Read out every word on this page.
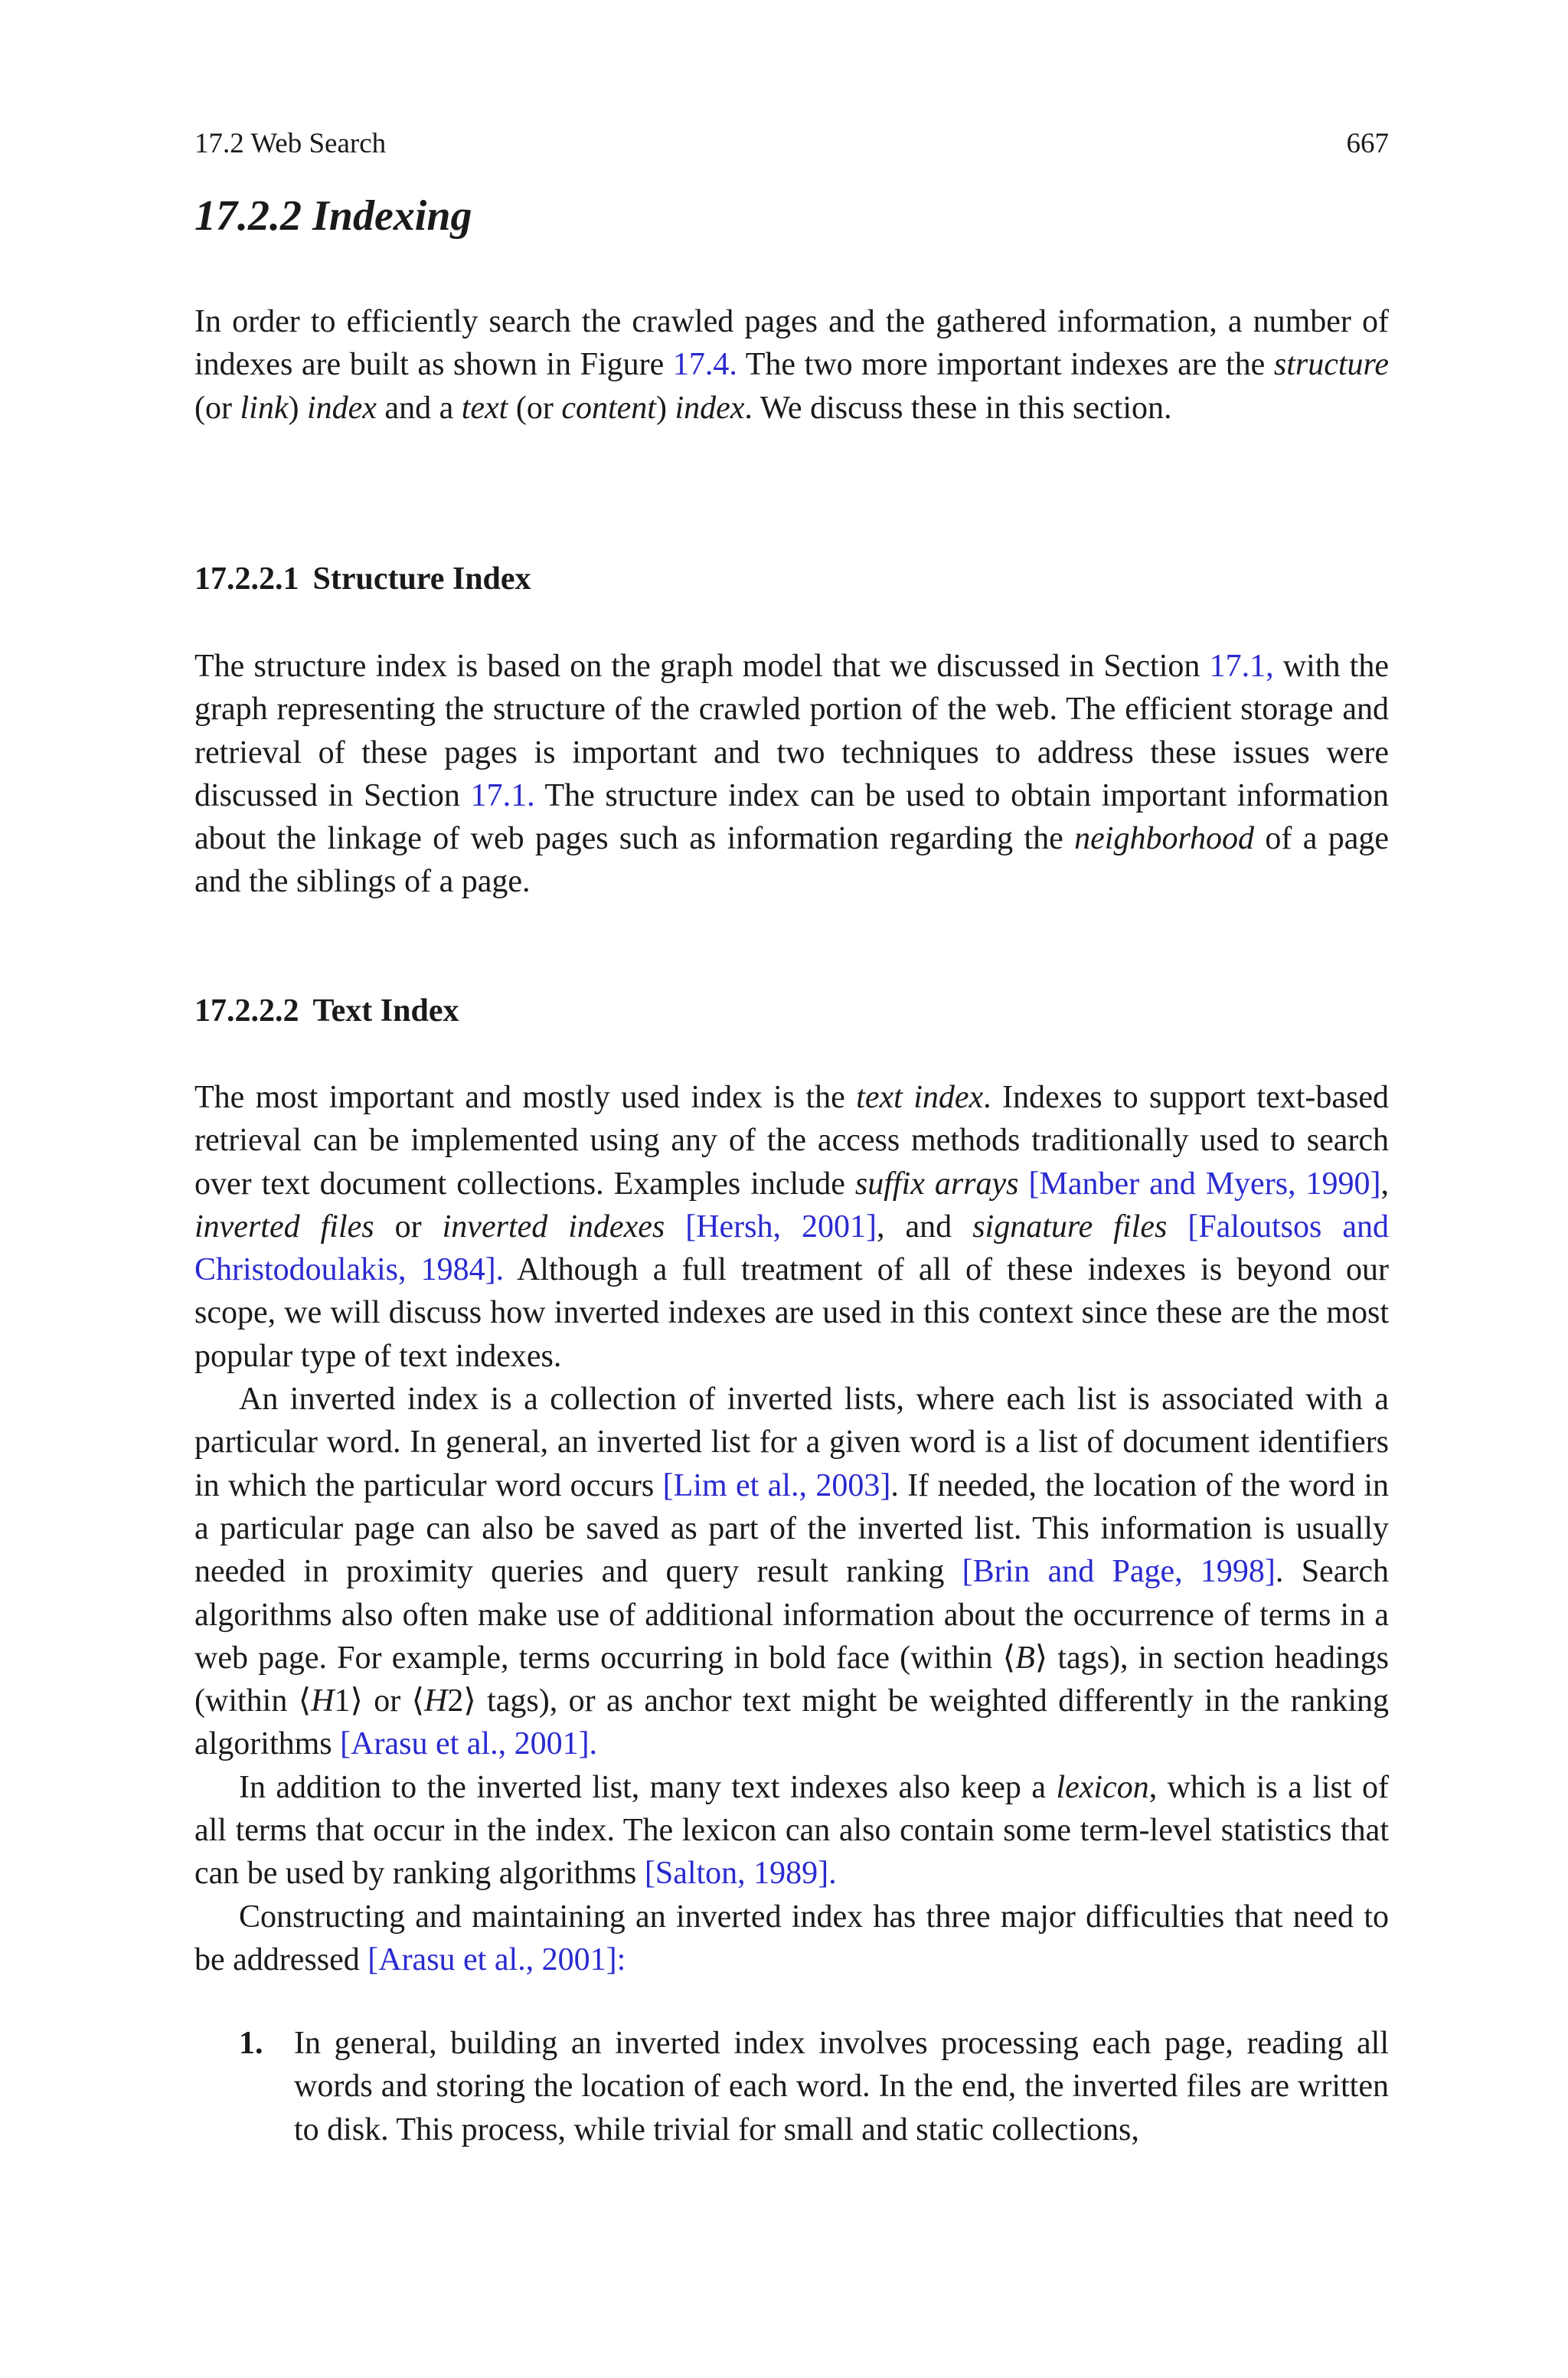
17.2 Web Search	667
17.2.2 Indexing

In order to efficiently search the crawled pages and the gathered information, a number of indexes are built as shown in Figure 17.4. The two more important indexes are the structure (or link) index and a text (or content) index. We discuss these in this section.

17.2.2.1 Structure Index

The structure index is based on the graph model that we discussed in Section 17.1, with the graph representing the structure of the crawled portion of the web. The efficient storage and retrieval of these pages is important and two techniques to address these issues were discussed in Section 17.1. The structure index can be used to obtain important information about the linkage of web pages such as information regarding the neighborhood of a page and the siblings of a page.

17.2.2.2 Text Index

The most important and mostly used index is the text index. Indexes to support text-based retrieval can be implemented using any of the access methods traditionally used to search over text document collections. Examples include suffix arrays [Manber and Myers, 1990], inverted files or inverted indexes [Hersh, 2001], and signature files [Faloutsos and Christodoulakis, 1984]. Although a full treatment of all of these indexes is beyond our scope, we will discuss how inverted indexes are used in this context since these are the most popular type of text indexes.

An inverted index is a collection of inverted lists, where each list is associated with a particular word. In general, an inverted list for a given word is a list of document identifiers in which the particular word occurs [Lim et al., 2003]. If needed, the location of the word in a particular page can also be saved as part of the inverted list. This information is usually needed in proximity queries and query result ranking [Brin and Page, 1998]. Search algorithms also often make use of additional information about the occurrence of terms in a web page. For example, terms occurring in bold face (within ⟨B⟩ tags), in section headings (within ⟨H1⟩ or ⟨H2⟩ tags), or as anchor text might be weighted differently in the ranking algorithms [Arasu et al., 2001].

In addition to the inverted list, many text indexes also keep a lexicon, which is a list of all terms that occur in the index. The lexicon can also contain some term-level statistics that can be used by ranking algorithms [Salton, 1989].

Constructing and maintaining an inverted index has three major difficulties that need to be addressed [Arasu et al., 2001]:

1. In general, building an inverted index involves processing each page, reading all words and storing the location of each word. In the end, the inverted files are written to disk. This process, while trivial for small and static collections,
